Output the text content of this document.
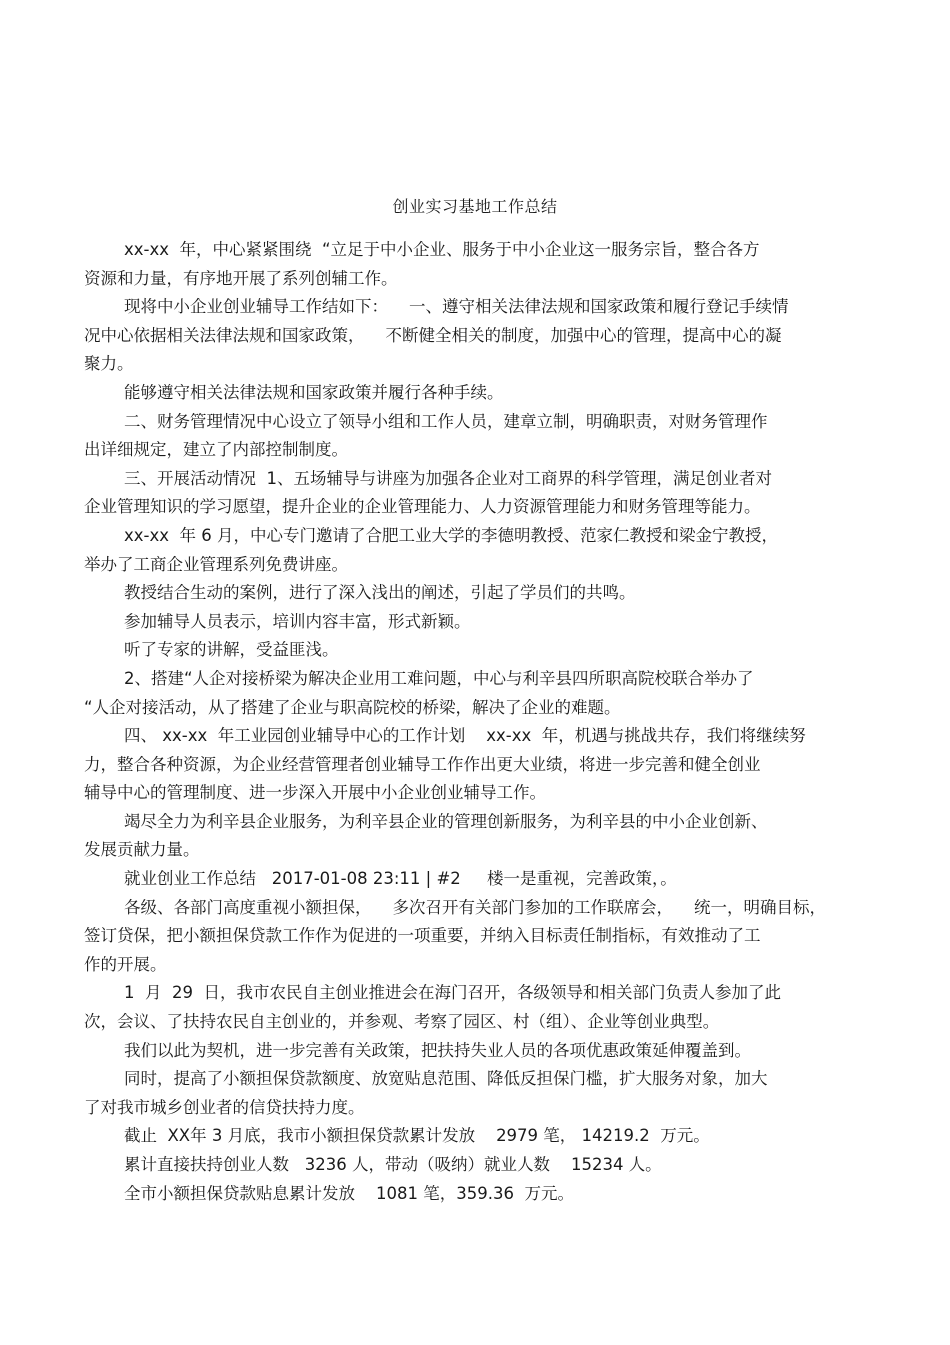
创业实习基地工作总结
xx-xx  年，中心紧紧围绕  “立足于中小企业、服务于中小企业这一服务宗旨，整合各方
资源和力量，有序地开展了系列创辅工作。
现将中小企业创业辅导工作结如下：    一、遵守相关法律法规和国家政策和履行登记手续情
况中心依据相关法律法规和国家政策，    不断健全相关的制度，加强中心的管理，提高中心的凝
聚力。
能够遵守相关法律法规和国家政策并履行各种手续。
二、财务管理情况中心设立了领导小组和工作人员，建章立制，明确职责，对财务管理作
出详细规定，建立了内部控制制度。
三、开展活动情况  1、五场辅导与讲座为加强各企业对工商界的科学管理，满足创业者对
企业管理知识的学习愿望，提升企业的企业管理能力、人力资源管理能力和财务管理等能力。
xx-xx  年 6 月，中心专门邀请了合肥工业大学的李德明教授、范家仁教授和梁金宁教授，
举办了工商企业管理系列免费讲座。
教授结合生动的案例，进行了深入浅出的阐述，引起了学员们的共鸣。
参加辅导人员表示，培训内容丰富，形式新颖。
听了专家的讲解，受益匪浅。
2、搭建“人企对接桥梁为解决企业用工难问题，中心与利辛县四所职高院校联合举办了
“人企对接活动，从了搭建了企业与职高院校的桥梁，解决了企业的难题。
四、 xx-xx  年工业园创业辅导中心的工作计划    xx-xx  年，机遇与挑战共存，我们将继续努
力，整合各种资源，为企业经营管理者创业辅导工作作出更大业绩，将进一步完善和健全创业
辅导中心的管理制度、进一步深入开展中小企业创业辅导工作。
竭尽全力为利辛县企业服务，为利辛县企业的管理创新服务，为利辛县的中小企业创新、
发展贡献力量。
就业创业工作总结   2017-01-08 23:11 | #2     楼一是重视，完善政策，。
各级、各部门高度重视小额担保，    多次召开有关部门参加的工作联席会，    统一，明确目标，
签订贷保，把小额担保贷款工作作为促进的一项重要，并纳入目标责任制指标，有效推动了工
作的开展。
1  月  29  日，我市农民自主创业推进会在海门召开，各级领导和相关部门负责人参加了此
次，会议、了扶持农民自主创业的，并参观、考察了园区、村（组）、企业等创业典型。
我们以此为契机，进一步完善有关政策，把扶持失业人员的各项优惠政策延伸覆盖到。
同时，提高了小额担保贷款额度、放宽贴息范围、降低反担保门槛，扩大服务对象，加大
了对我市城乡创业者的信贷扶持力度。
截止  XX年 3 月底，我市小额担保贷款累计发放    2979 笔， 14219.2  万元。
累计直接扶持创业人数   3236 人，带动（吸纳）就业人数    15234 人。
全市小额担保贷款贴息累计发放    1081 笔，359.36  万元。
